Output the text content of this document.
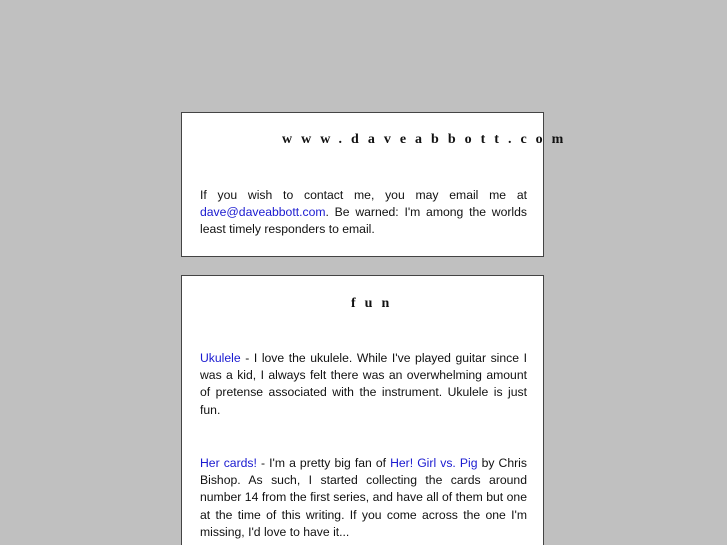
www.daveabbott.com

If you wish to contact me, you may email me at dave@daveabbott.com. Be warned: I'm among the worlds least timely responders to email.

fun

Ukulele - I love the ukulele. While I've played guitar since I was a kid, I always felt there was an overwhelming amount of pretense associated with the instrument. Ukulele is just fun.

Her cards! - I'm a pretty big fan of Her! Girl vs. Pig by Chris Bishop. As such, I started collecting the cards around number 14 from the first series, and have all of them but one at the time of this writing. If you come across the one I'm missing, I'd love to have it...
